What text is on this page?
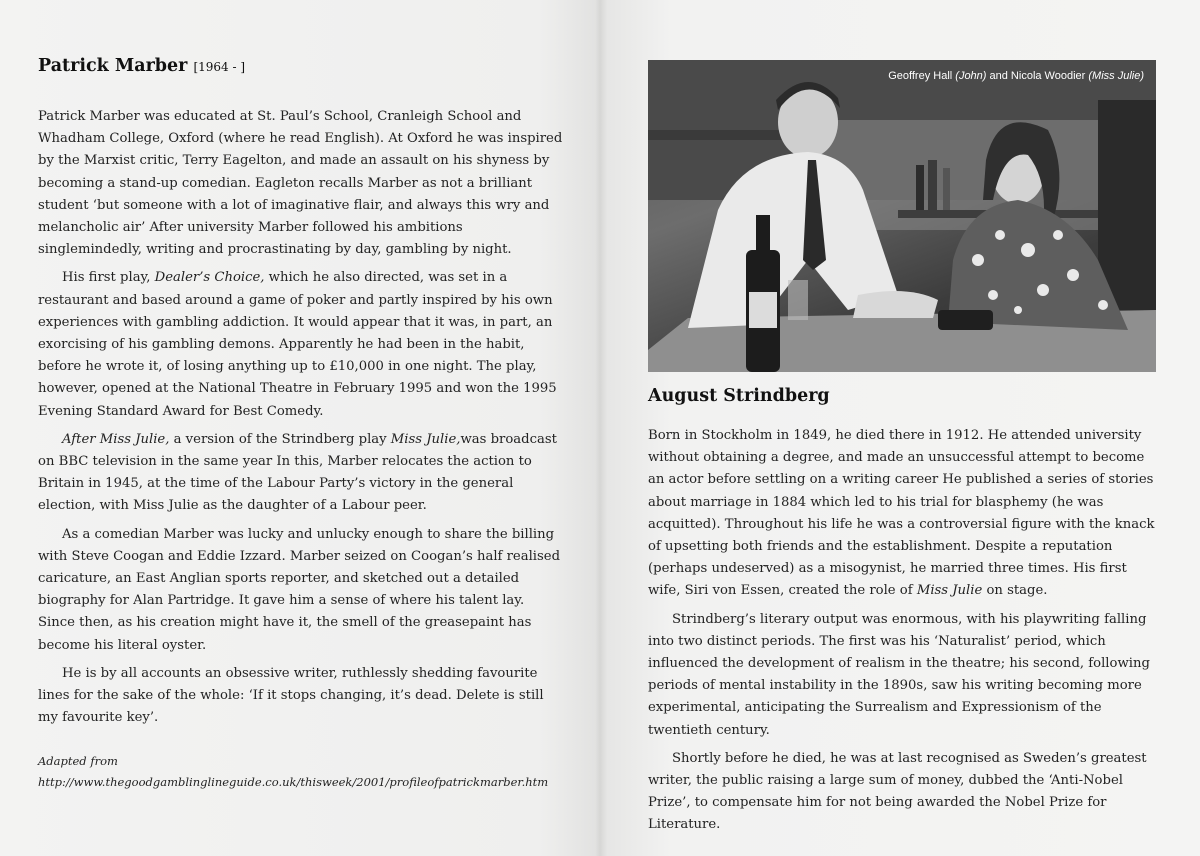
Patrick Marber [1964 - ]

Patrick Marber was educated at St. Paul’s School, Cranleigh School and Whadham College, Oxford (where he read English). At Oxford he was inspired by the Marxist critic, Terry Eagelton, and made an assault on his shyness by becoming a stand-up comedian. Eagleton recalls Marber as not a brilliant student ‘but someone with a lot of imaginative flair, and always this wry and melancholic air’ After university Marber followed his ambitions singlemindedly, writing and procrastinating by day, gambling by night.

His first play, Dealer’s Choice, which he also directed, was set in a restaurant and based around a game of poker and partly inspired by his own experiences with gambling addiction. It would appear that it was, in part, an exorcising of his gambling demons. Apparently he had been in the habit, before he wrote it, of losing anything up to £10,000 in one night. The play, however, opened at the National Theatre in February 1995 and won the 1995 Evening Standard Award for Best Comedy.

After Miss Julie, a version of the Strindberg play Miss Julie,was broadcast on BBC television in the same year In this, Marber relocates the action to Britain in 1945, at the time of the Labour Party’s victory in the general election, with Miss Julie as the daughter of a Labour peer.

As a comedian Marber was lucky and unlucky enough to share the billing with Steve Coogan and Eddie Izzard. Marber seized on Coogan’s half realised caricature, an East Anglian sports reporter, and sketched out a detailed biography for Alan Partridge. It gave him a sense of where his talent lay. Since then, as his creation might have it, the smell of the greasepaint has become his literal oyster.

He is by all accounts an obsessive writer, ruthlessly shedding favourite lines for the sake of the whole: ‘If it stops changing, it’s dead. Delete is still my favourite key’.

Adapted from http://www.thegoodgamblinglineguide.co.uk/thisweek/2001/profileofpatrickmarber.htm
Geoffrey Hall (John) and Nicola Woodier (Miss Julie)
August Strindberg

Born in Stockholm in 1849, he died there in 1912. He attended university without obtaining a degree, and made an unsuccessful attempt to become an actor before settling on a writing career He published a series of stories about marriage in 1884 which led to his trial for blasphemy (he was acquitted). Throughout his life he was a controversial figure with the knack of upsetting both friends and the establishment. Despite a reputation (perhaps undeserved) as a misogynist, he married three times. His first wife, Siri von Essen, created the role of Miss Julie on stage.

Strindberg’s literary output was enormous, with his playwriting falling into two distinct periods. The first was his ‘Naturalist’ period, which influenced the development of realism in the theatre; his second, following periods of mental instability in the 1890s, saw his writing becoming more experimental, anticipating the Surrealism and Expressionism of the twentieth century.

Shortly before he died, he was at last recognised as Sweden’s greatest writer, the public raising a large sum of money, dubbed the ‘Anti-Nobel Prize’, to compensate him for not being awarded the Nobel Prize for Literature.
